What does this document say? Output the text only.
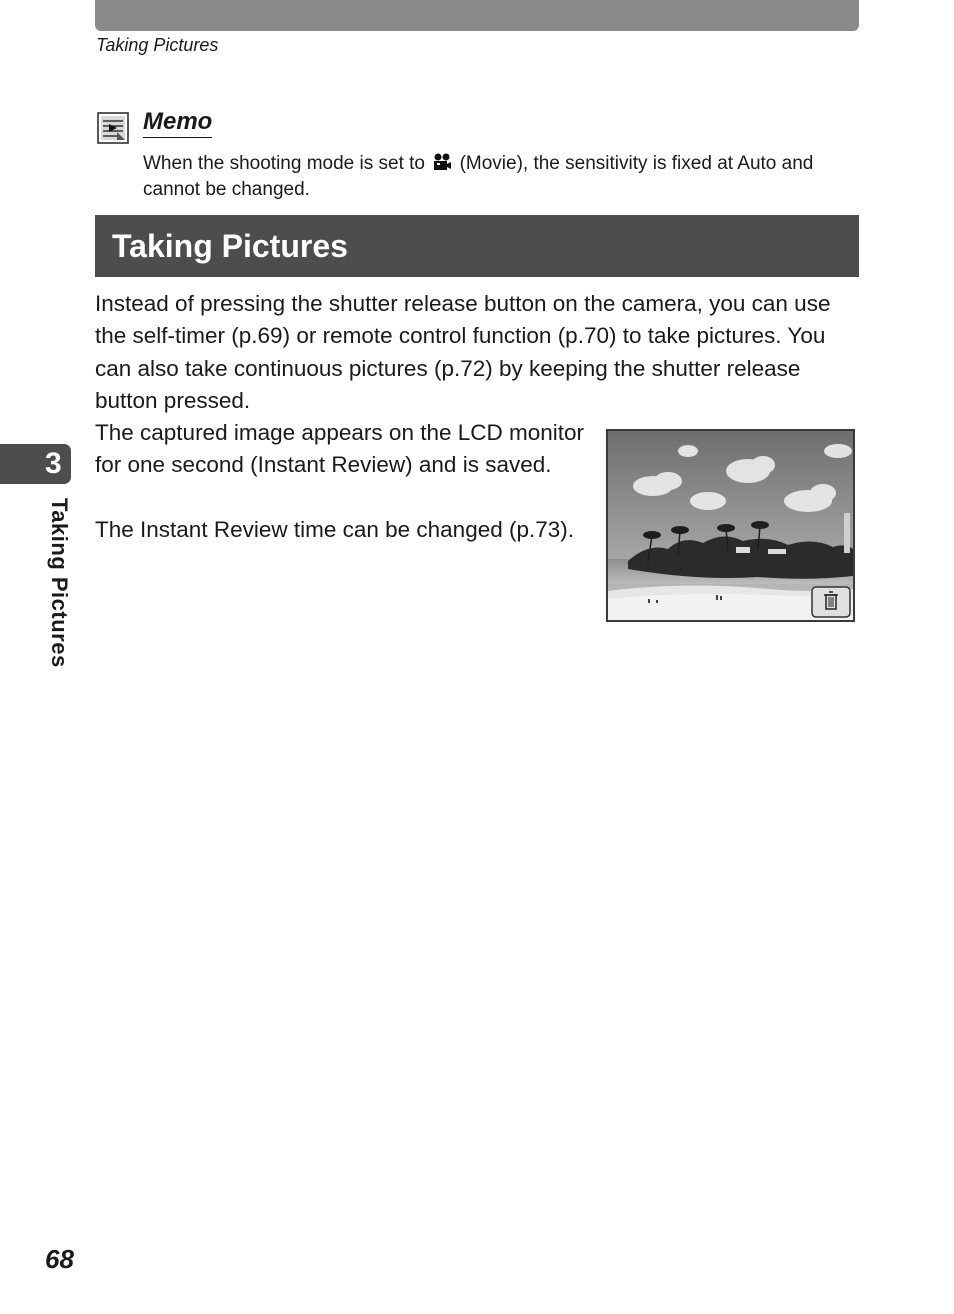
Taking Pictures
Memo
When the shooting mode is set to (Movie), the sensitivity is fixed at Auto and cannot be changed.
Taking Pictures
Instead of pressing the shutter release button on the camera, you can use the self-timer (p.69) or remote control function (p.70) to take pictures. You can also take continuous pictures (p.72) by keeping the shutter release button pressed.
The captured image appears on the LCD monitor for one second (Instant Review) and is saved.
The Instant Review time can be changed (p.73).
3
Taking Pictures
68
